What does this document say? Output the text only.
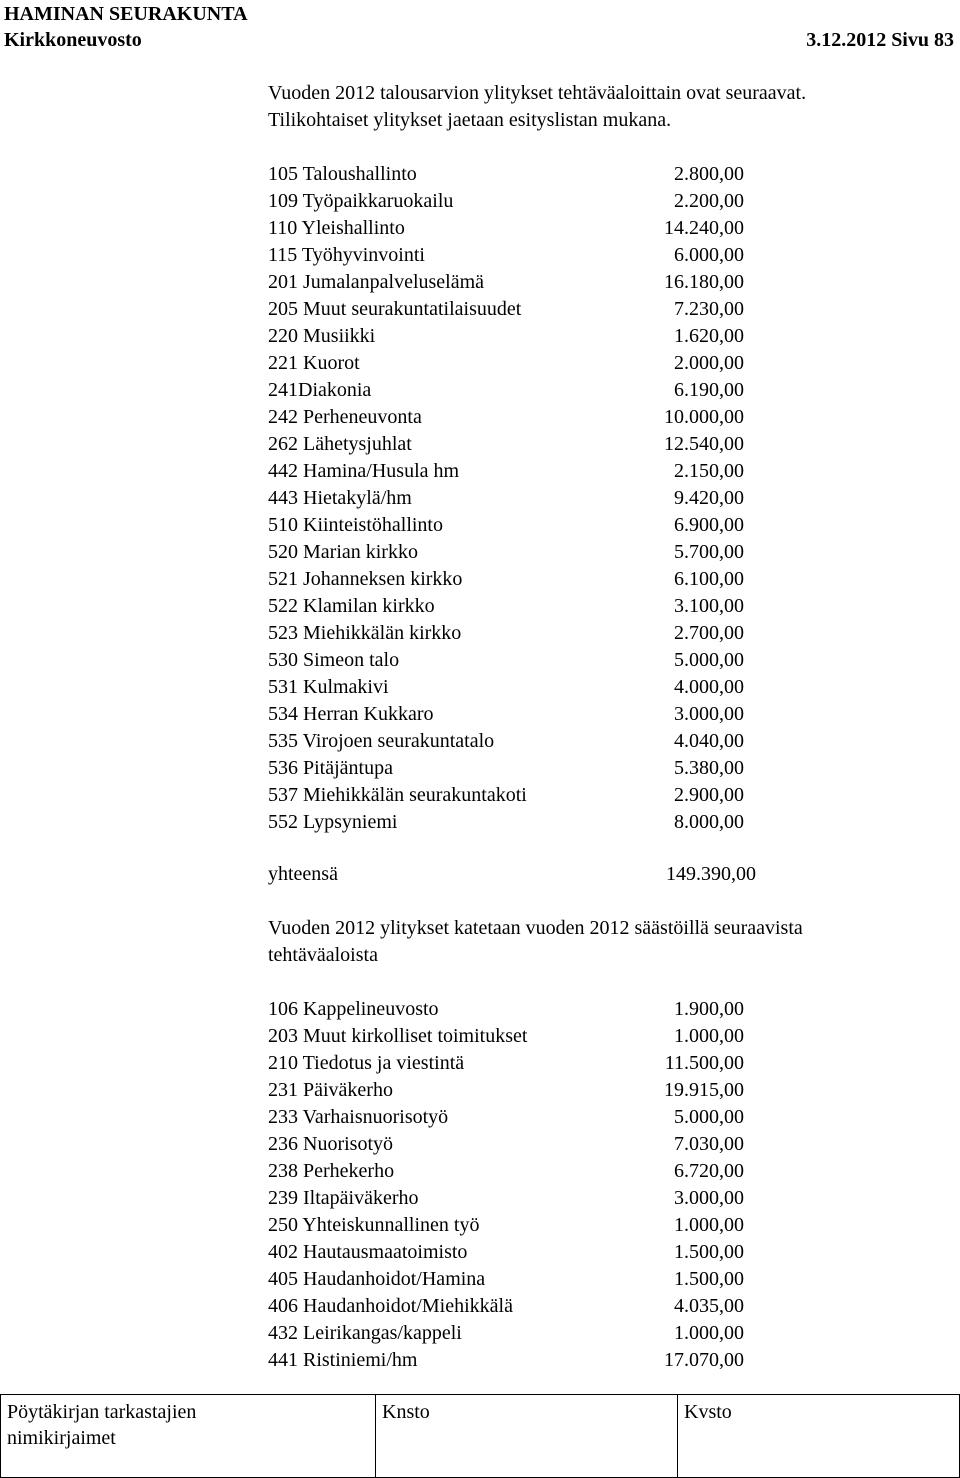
HAMINAN SEURAKUNTA
Kirkkoneuvosto	3.12.2012 Sivu 83
Vuoden 2012 talousarvion ylitykset tehtäväaloittain ovat seuraavat.
Tilikohtaiset ylitykset jaetaan esityslistan mukana.
105 Taloushallinto	2.800,00
109 Työpaikkaruokailu	2.200,00
110 Yleishallinto	14.240,00
115 Työhyvinvointi	6.000,00
201 Jumalanpalveluselämä	16.180,00
205 Muut seurakuntatilaisuudet	7.230,00
220 Musiikki	1.620,00
221 Kuorot	2.000,00
241Diakonia	6.190,00
242 Perheneuvonta	10.000,00
262 Lähetysjuhlat	12.540,00
442 Hamina/Husula hm	2.150,00
443 Hietakylä/hm	9.420,00
510 Kiinteistöhallinto	6.900,00
520 Marian kirkko	5.700,00
521 Johanneksen kirkko	6.100,00
522 Klamilan kirkko	3.100,00
523 Miehikkälän kirkko	2.700,00
530 Simeon talo	5.000,00
531 Kulmakivi	4.000,00
534 Herran Kukkaro	3.000,00
535 Virojoen seurakuntatalo	4.040,00
536 Pitäjäntupa	5.380,00
537 Miehikkälän seurakuntakoti	2.900,00
552 Lypsyniemi	8.000,00
yhteensä	149.390,00
Vuoden 2012 ylitykset katetaan vuoden 2012 säästöillä seuraavista
tehtäväaloista
106 Kappelineuvosto	1.900,00
203 Muut kirkolliset toimitukset	1.000,00
210 Tiedotus ja viestintä	11.500,00
231 Päiväkerho	19.915,00
233 Varhaisnuorisotyö	5.000,00
236 Nuorisotyö	7.030,00
238 Perhekerho	6.720,00
239 Iltapäiväkerho	3.000,00
250 Yhteiskunnallinen työ	1.000,00
402 Hautausmaatoimisto	1.500,00
405 Haudanhoidot/Hamina	1.500,00
406 Haudanhoidot/Miehikkälä	4.035,00
432 Leirikangas/kappeli	1.000,00
441 Ristiniemi/hm	17.070,00
Pöytäkirjan tarkastajien
nimikirjaimet
Knsto	Kvsto
